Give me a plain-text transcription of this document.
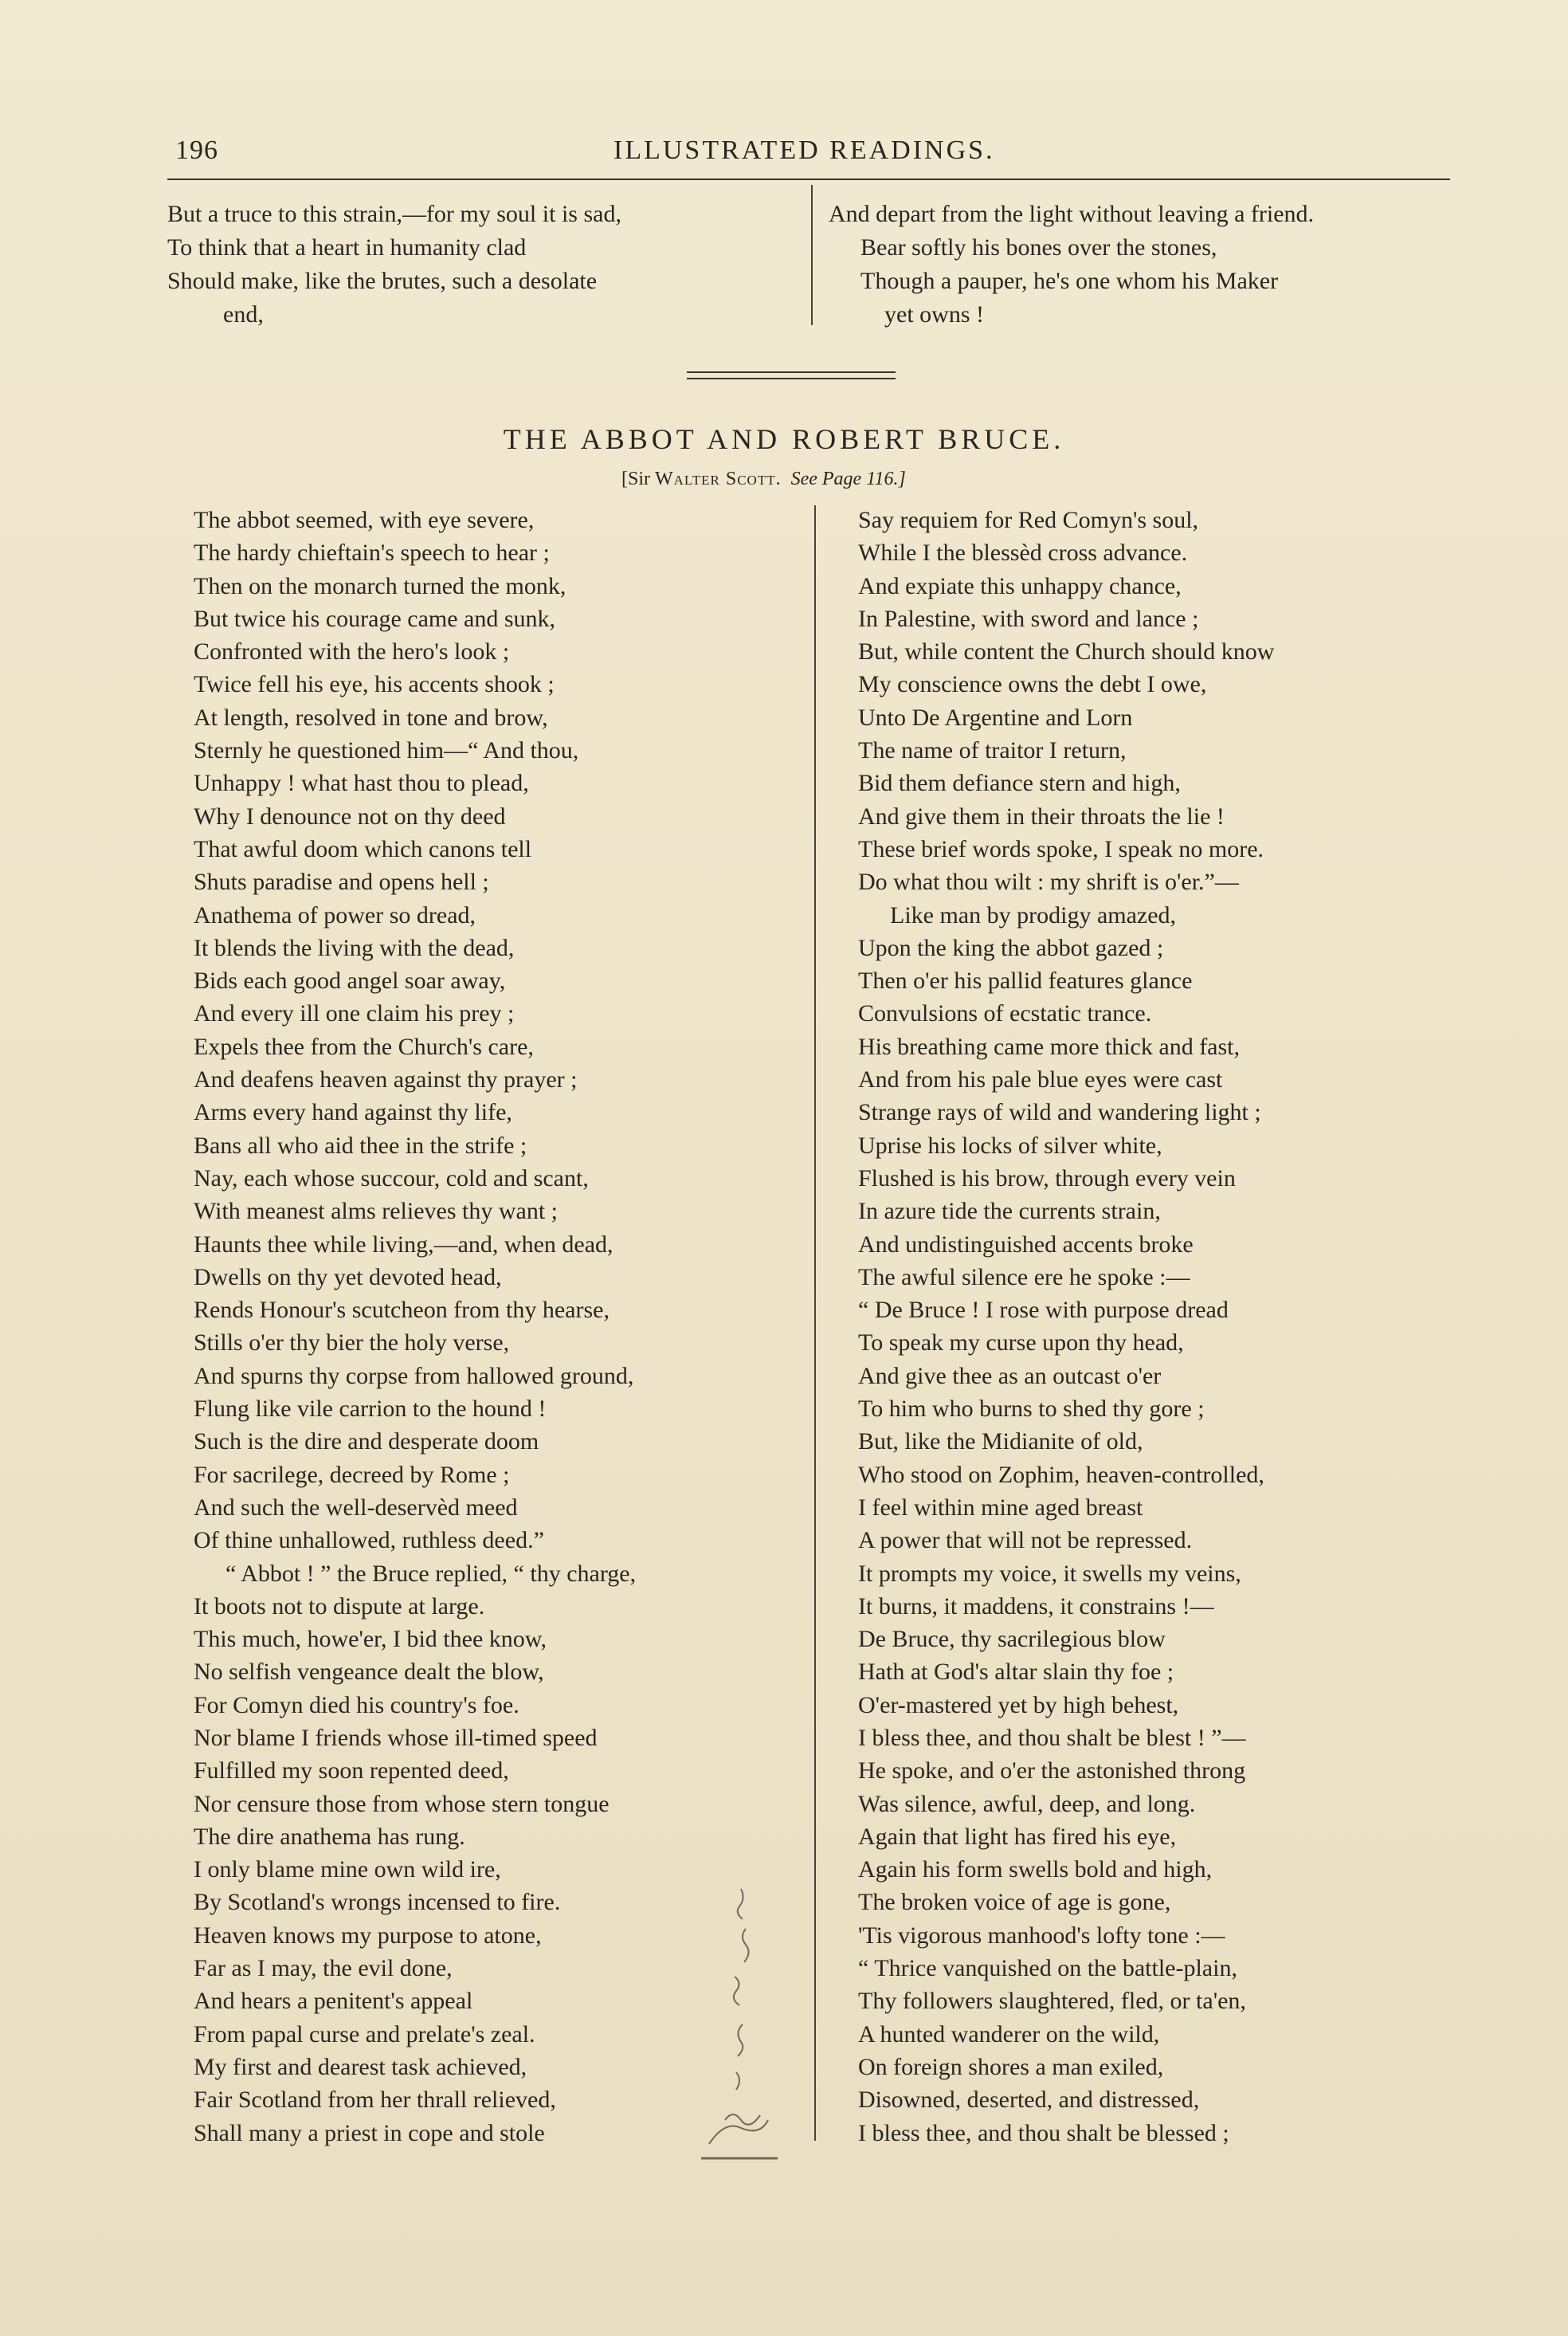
196	ILLUSTRATED READINGS.
But a truce to this strain,—for my soul it is sad,
To think that a heart in humanity clad
Should make, like the brutes, such a desolate
end,
And depart from the light without leaving a friend.
Bear softly his bones over the stones,
Though a pauper, he's one whom his Maker
yet owns !
THE ABBOT AND ROBERT BRUCE.
[Sir Walter Scott. See Page 116.]
The abbot seemed, with eye severe,
The hardy chieftain's speech to hear ;
Then on the monarch turned the monk,
But twice his courage came and sunk,
Confronted with the hero's look ;
Twice fell his eye, his accents shook ;
At length, resolved in tone and brow,
Sternly he questioned him—“ And thou,
Unhappy ! what hast thou to plead,
Why I denounce not on thy deed
That awful doom which canons tell
Shuts paradise and opens hell ;
Anathema of power so dread,
It blends the living with the dead,
Bids each good angel soar away,
And every ill one claim his prey ;
Expels thee from the Church's care,
And deafens heaven against thy prayer ;
Arms every hand against thy life,
Bans all who aid thee in the strife ;
Nay, each whose succour, cold and scant,
With meanest alms relieves thy want ;
Haunts thee while living,—and, when dead,
Dwells on thy yet devoted head,
Rends Honour's scutcheon from thy hearse,
Stills o'er thy bier the holy verse,
And spurns thy corpse from hallowed ground,
Flung like vile carrion to the hound !
Such is the dire and desperate doom
For sacrilege, decreed by Rome ;
And such the well-deservèd meed
Of thine unhallowed, ruthless deed.”
“ Abbot ! ” the Bruce replied, “ thy charge,
It boots not to dispute at large.
This much, howe'er, I bid thee know,
No selfish vengeance dealt the blow,
For Comyn died his country's foe.
Nor blame I friends whose ill-timed speed
Fulfilled my soon repented deed,
Nor censure those from whose stern tongue
The dire anathema has rung.
I only blame mine own wild ire,
By Scotland's wrongs incensed to fire.
Heaven knows my purpose to atone,
Far as I may, the evil done,
And hears a penitent's appeal
From papal curse and prelate's zeal.
My first and dearest task achieved,
Fair Scotland from her thrall relieved,
Shall many a priest in cope and stole
Say requiem for Red Comyn's soul,
While I the blessèd cross advance.
And expiate this unhappy chance,
In Palestine, with sword and lance ;
But, while content the Church should know
My conscience owns the debt I owe,
Unto De Argentine and Lorn
The name of traitor I return,
Bid them defiance stern and high,
And give them in their throats the lie !
These brief words spoke, I speak no more.
Do what thou wilt : my shrift is o'er.”—
Like man by prodigy amazed,
Upon the king the abbot gazed ;
Then o'er his pallid features glance
Convulsions of ecstatic trance.
His breathing came more thick and fast,
And from his pale blue eyes were cast
Strange rays of wild and wandering light ;
Uprise his locks of silver white,
Flushed is his brow, through every vein
In azure tide the currents strain,
And undistinguished accents broke
The awful silence ere he spoke :—
“ De Bruce ! I rose with purpose dread
To speak my curse upon thy head,
And give thee as an outcast o'er
To him who burns to shed thy gore ;
But, like the Midianite of old,
Who stood on Zophim, heaven-controlled,
I feel within mine aged breast
A power that will not be repressed.
It prompts my voice, it swells my veins,
It burns, it maddens, it constrains !—
De Bruce, thy sacrilegious blow
Hath at God's altar slain thy foe ;
O'er-mastered yet by high behest,
I bless thee, and thou shalt be blest ! ”—
He spoke, and o'er the astonished throng
Was silence, awful, deep, and long.
Again that light has fired his eye,
Again his form swells bold and high,
The broken voice of age is gone,
'Tis vigorous manhood's lofty tone :—
“ Thrice vanquished on the battle-plain,
Thy followers slaughtered, fled, or ta'en,
A hunted wanderer on the wild,
On foreign shores a man exiled,
Disowned, deserted, and distressed,
I bless thee, and thou shalt be blessed ;
